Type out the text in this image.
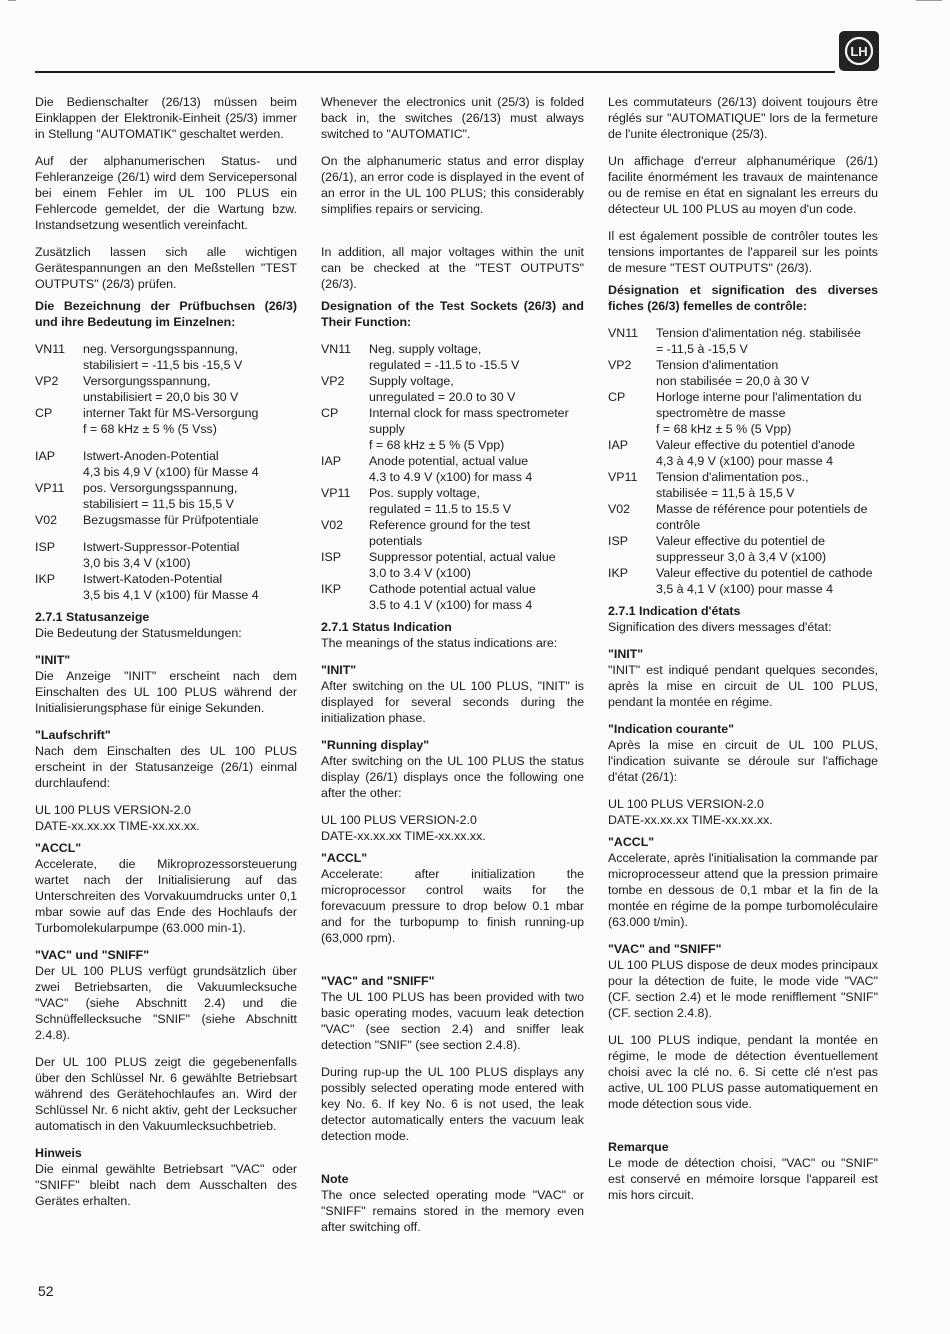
LH

Die Bedienschalter (26/13) müssen beim Einklappen der Elektronik-Einheit (25/3) immer in Stellung "AUTOMATIK" geschaltet werden.

Auf der alphanumerischen Status- und Fehleranzeige (26/1) wird dem Servicepersonal bei einem Fehler im UL 100 PLUS ein Fehlercode gemeldet, der die Wartung bzw. Instandsetzung wesentlich vereinfacht.

Zusätzlich lassen sich alle wichtigen Gerätespannungen an den Meßstellen "TEST OUTPUTS" (26/3) prüfen.

Die Bezeichnung der Prüfbuchsen (26/3) und ihre Bedeutung im Einzelnen:

VN11	neg. Versorgungsspannung,
stabilisiert = -11,5 bis -15,5 V
VP2	Versorgungsspannung,
unstabilisiert = 20,0 bis 30 V
CP	interner Takt für MS-Versorgung
f = 68 kHz ± 5 % (5 Vss)
IAP	Istwert-Anoden-Potential
4,3 bis 4,9 V (x100) für Masse 4
VP11	pos. Versorgungsspannung,
stabilisiert = 11,5 bis 15,5 V
V02	Bezugsmasse für Prüfpotentiale
ISP	Istwert-Suppressor-Potential
3,0 bis 3,4 V (x100)
IKP	Istwert-Katoden-Potential
3,5 bis 4,1 V (x100) für Masse 4

2.7.1 Statusanzeige

Die Bedeutung der Statusmeldungen:

"INIT"

Die Anzeige "INIT" erscheint nach dem Einschalten des UL 100 PLUS während der Initialisierungsphase für einige Sekunden.

"Laufschrift"

Nach dem Einschalten des UL 100 PLUS erscheint in der Statusanzeige (26/1) einmal durchlaufend:

UL 100 PLUS VERSION-2.0

DATE-xx.xx.xx TIME-xx.xx.xx.

"ACCL"

Accelerate, die Mikroprozessorsteuerung wartet nach der Initialisierung auf das Unterschreiten des Vorvakuumdrucks unter 0,1 mbar sowie auf das Ende des Hochlaufs der Turbomolekularpumpe (63.000 min-1).

"VAC" und "SNIFF"

Der UL 100 PLUS verfügt grundsätzlich über zwei Betriebsarten, die Vakuumlecksuche "VAC" (siehe Abschnitt 2.4) und die Schnüffellecksuche "SNIF" (siehe Abschnitt 2.4.8).

Der UL 100 PLUS zeigt die gegebenenfalls über den Schlüssel Nr. 6 gewählte Betriebsart während des Gerätehochlaufes an. Wird der Schlüssel Nr. 6 nicht aktiv, geht der Lecksucher automatisch in den Vakuumlecksuchbetrieb.

Hinweis

Die einmal gewählte Betriebsart "VAC" oder "SNIFF" bleibt nach dem Ausschalten des Gerätes erhalten.

Whenever the electronics unit (25/3) is folded back in, the switches (26/13) must always switched to "AUTOMATIC".

On the alphanumeric status and error display (26/1), an error code is displayed in the event of an error in the UL 100 PLUS; this considerably simplifies repairs or servicing.

In addition, all major voltages within the unit can be checked at the "TEST OUTPUTS" (26/3).

Designation of the Test Sockets (26/3) and Their Function:

VN11	Neg. supply voltage,
regulated = -11.5 to -15.5 V
VP2	Supply voltage,
unregulated = 20.0 to 30 V
CP	Internal clock for mass spectrometer supply
f = 68 kHz ± 5 % (5 Vpp)
IAP	Anode potential, actual value
4.3 to 4.9 V (x100) for mass 4
VP11	Pos. supply voltage,
regulated = 11.5 to 15.5 V
V02	Reference ground for the test potentials
ISP	Suppressor potential, actual value
3.0 to 3.4 V (x100)
IKP	Cathode potential actual value
3.5 to 4.1 V (x100) for mass 4

2.7.1 Status Indication

The meanings of the status indications are:

"INIT"

After switching on the UL 100 PLUS, "INIT" is displayed for several seconds during the initialization phase.

"Running display"

After switching on the UL 100 PLUS the status display (26/1) displays once the following one after the other:

UL 100 PLUS VERSION-2.0

DATE-xx.xx.xx TIME-xx.xx.xx.

"ACCL"

Accelerate: after initialization the microprocessor control waits for the forevacuum pressure to drop below 0.1 mbar and for the turbopump to finish running-up (63,000 rpm).

"VAC" and "SNIFF"

The UL 100 PLUS has been provided with two basic operating modes, vacuum leak detection "VAC" (see section 2.4) and sniffer leak detection "SNIF" (see section 2.4.8).

During rup-up the UL 100 PLUS displays any possibly selected operating mode entered with key No. 6. If key No. 6 is not used, the leak detector automatically enters the vacuum leak detection mode.

Note

The once selected operating mode "VAC" or "SNIFF" remains stored in the memory even after switching off.

Les commutateurs (26/13) doivent toujours être réglés sur "AUTOMATIQUE" lors de la fermeture de l'unite électronique (25/3).

Un affichage d'erreur alphanumérique (26/1) facilite énormément les travaux de maintenance ou de remise en état en signalant les erreurs du détecteur UL 100 PLUS au moyen d'un code.

Il est également possible de contrôler toutes les tensions importantes de l'appareil sur les points de mesure "TEST OUTPUTS" (26/3).

Désignation et signification des diverses fiches (26/3) femelles de contrôle:

VN11	Tension d'alimentation nég. stabilisée
= -11,5 à -15,5 V
VP2	Tension d'alimentation
non stabilisée = 20,0 à 30 V
CP	Horloge interne pour l'alimentation du spectromètre de masse
f = 68 kHz ± 5 % (5 Vpp)
IAP	Valeur effective du potentiel d'anode
4,3 à 4,9 V (x100) pour masse 4
VP11	Tension d'alimentation pos.,
stabilisée = 11,5 à 15,5 V
V02	Masse de référence pour potentiels de contrôle
ISP	Valeur effective du potentiel de suppresseur 3,0 à 3,4 V (x100)
IKP	Valeur effective du potentiel de cathode 3,5 à 4,1 V (x100) pour masse 4

2.7.1 Indication d'états

Signification des divers messages d'état:

"INIT"

"INIT" est indiqué pendant quelques secondes, après la mise en circuit de UL 100 PLUS, pendant la montée en régime.

"Indication courante"

Après la mise en circuit de UL 100 PLUS, l'indication suivante se déroule sur l'affichage d'état (26/1):

UL 100 PLUS VERSION-2.0

DATE-xx.xx.xx TIME-xx.xx.xx.

"ACCL"

Accelerate, après l'initialisation la commande par microprocesseur attend que la pression primaire tombe en dessous de 0,1 mbar et la fin de la montée en régime de la pompe turbomoléculaire (63.000 t/min).

"VAC" and "SNIFF"

UL 100 PLUS dispose de deux modes principaux pour la détection de fuite, le mode vide "VAC" (CF. section 2.4) et le mode renifflement "SNIF" (CF. section 2.4.8).

UL 100 PLUS indique, pendant la montée en régime, le mode de détection éventuellement choisi avec la clé no. 6. Si cette clé n'est pas active, UL 100 PLUS passe automatiquement en mode détection sous vide.

Remarque

Le mode de détection choisi, "VAC" ou "SNIF" est conservé en mémoire lorsque l'appareil est mis hors circuit.

52
